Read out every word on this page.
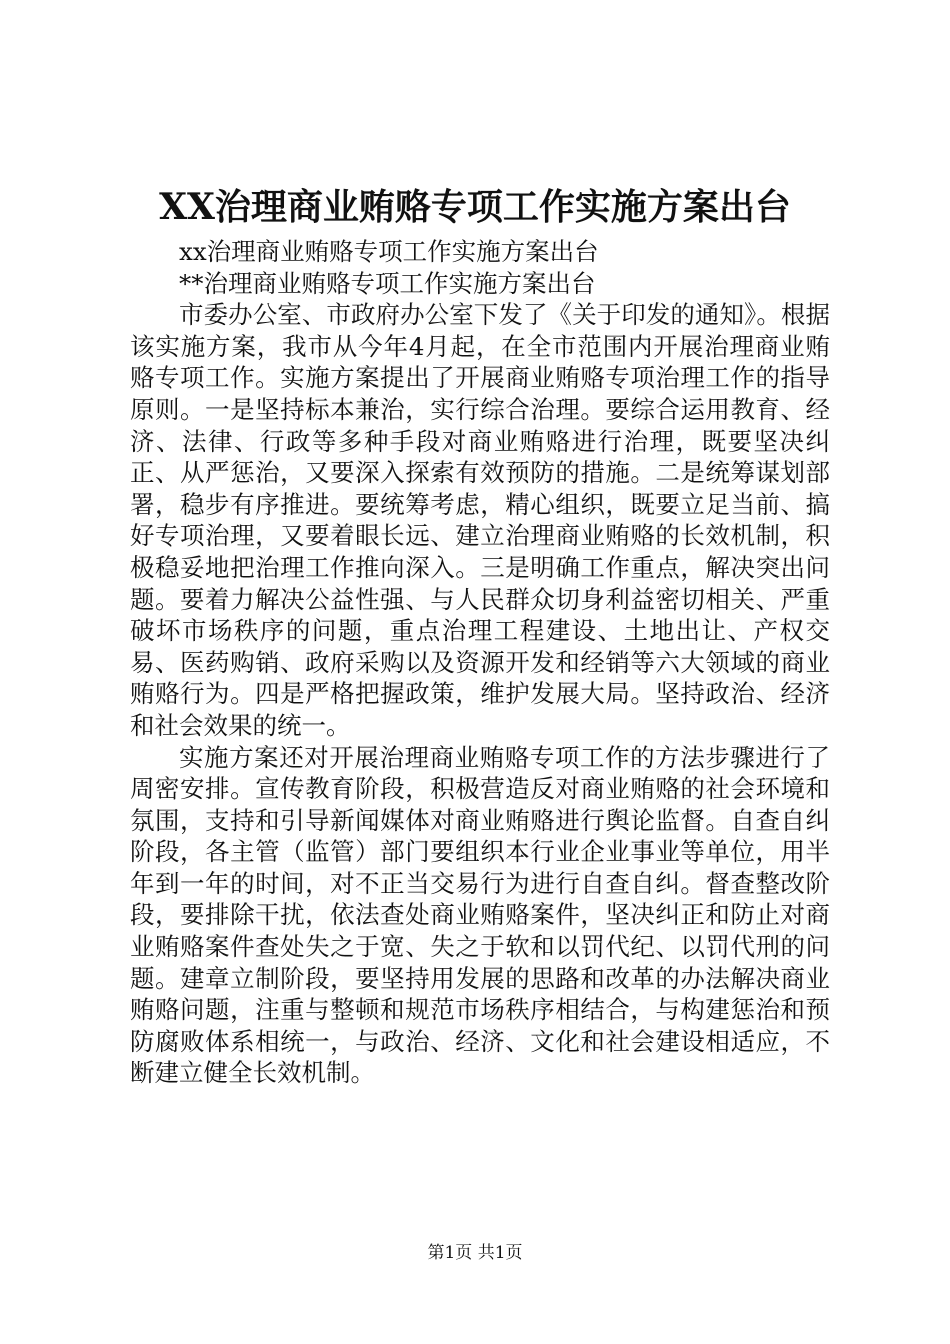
XX治理商业贿赂专项工作实施方案出台

xx治理商业贿赂专项工作实施方案出台

**治理商业贿赂专项工作实施方案出台

市委办公室、市政府办公室下发了《关于印发的通知》。根据该实施方案，我市从今年4月起，在全市范围内开展治理商业贿赂专项工作。实施方案提出了开展商业贿赂专项治理工作的指导原则。一是坚持标本兼治，实行综合治理。要综合运用教育、经济、法律、行政等多种手段对商业贿赂进行治理，既要坚决纠正、从严惩治，又要深入探索有效预防的措施。二是统筹谋划部署，稳步有序推进。要统筹考虑，精心组织，既要立足当前、搞好专项治理，又要着眼长远、建立治理商业贿赂的长效机制，积极稳妥地把治理工作推向深入。三是明确工作重点，解决突出问题。要着力解决公益性强、与人民群众切身利益密切相关、严重破坏市场秩序的问题，重点治理工程建设、土地出让、产权交易、医药购销、政府采购以及资源开发和经销等六大领域的商业贿赂行为。四是严格把握政策，维护发展大局。坚持政治、经济和社会效果的统一。

实施方案还对开展治理商业贿赂专项工作的方法步骤进行了周密安排。宣传教育阶段，积极营造反对商业贿赂的社会环境和氛围，支持和引导新闻媒体对商业贿赂进行舆论监督。自查自纠阶段，各主管（监管）部门要组织本行业企业事业等单位，用半年到一年的时间，对不正当交易行为进行自查自纠。督查整改阶段，要排除干扰，依法查处商业贿赂案件，坚决纠正和防止对商业贿赂案件查处失之于宽、失之于软和以罚代纪、以罚代刑的问题。建章立制阶段，要坚持用发展的思路和改革的办法解决商业贿赂问题，注重与整顿和规范市场秩序相结合，与构建惩治和预防腐败体系相统一，与政治、经济、文化和社会建设相适应，不断建立健全长效机制。

第1页 共1页
